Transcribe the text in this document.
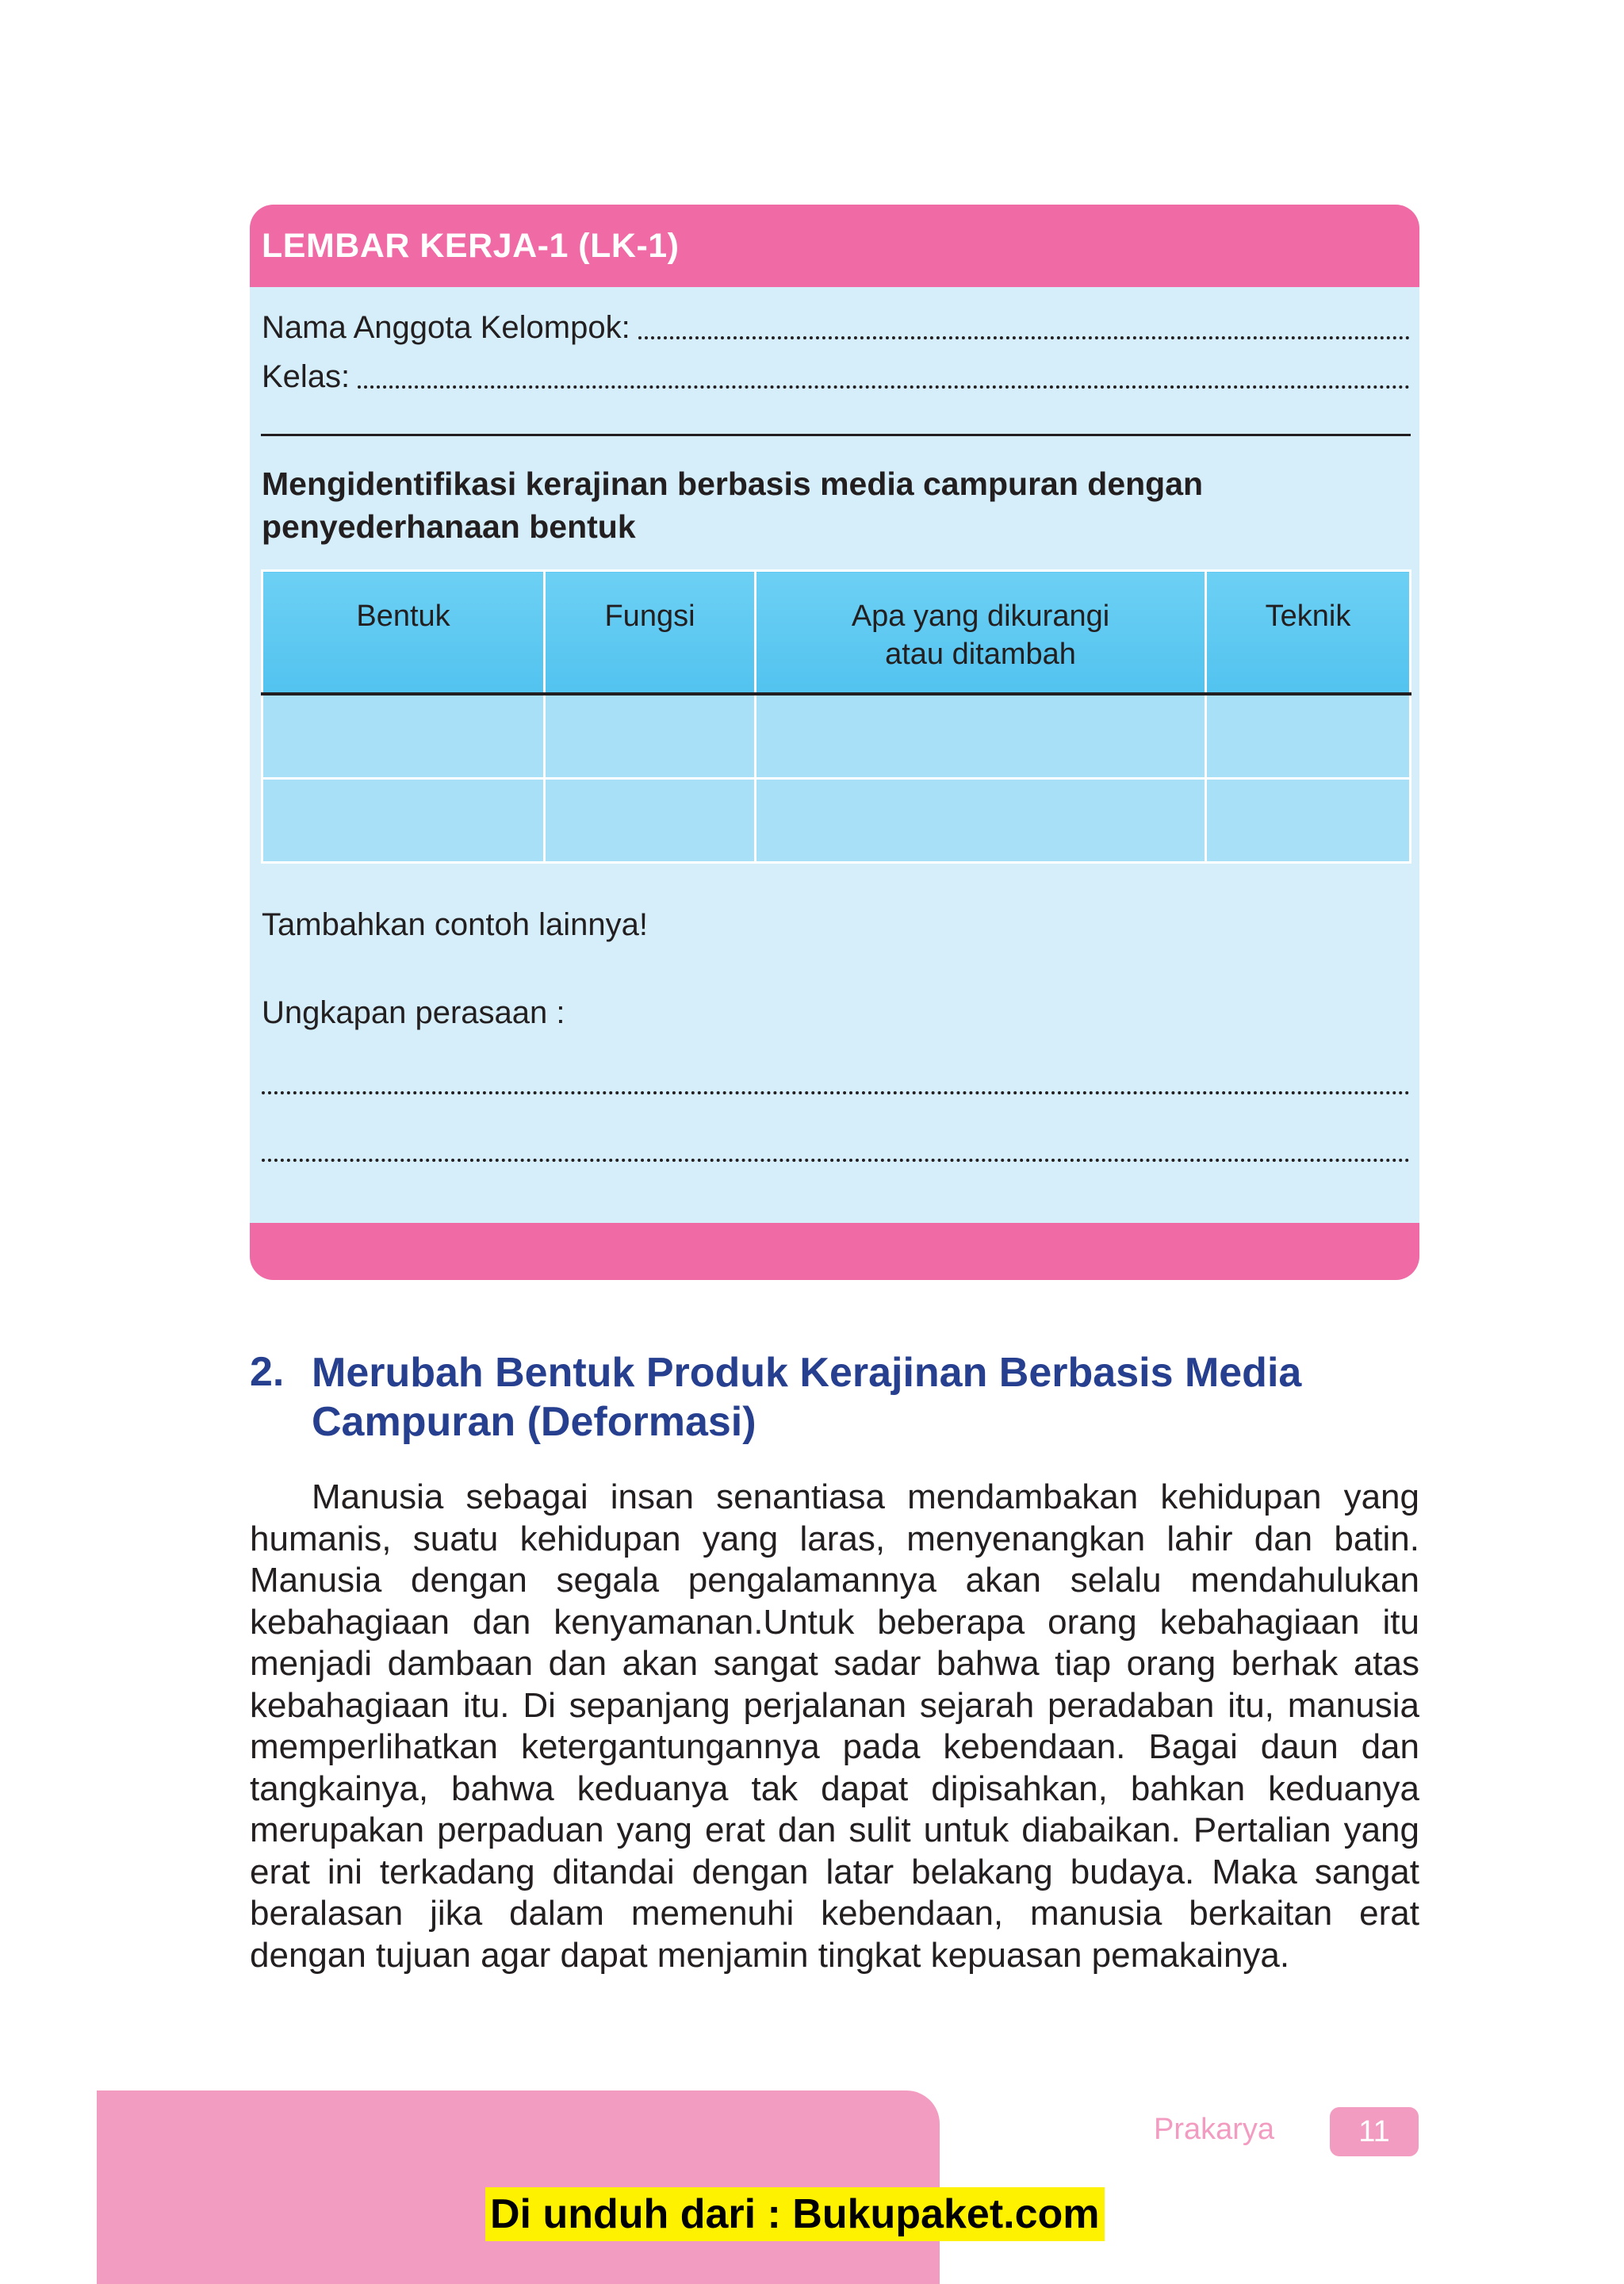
LEMBAR KERJA-1 (LK-1)
Nama Anggota Kelompok:
Kelas:
Mengidentifikasi kerajinan berbasis media campuran dengan penyederhanaan bentuk
Bentuk	Fungsi	Apa yang dikurangi atau ditambah	Teknik

Tambahkan contoh lainnya!
Ungkapan perasaan :
2. Merubah Bentuk Produk Kerajinan Berbasis Media Campuran (Deformasi)
Manusia sebagai insan senantiasa mendambakan kehidupan yang humanis, suatu kehidupan yang laras, menyenangkan lahir dan batin. Manusia dengan segala pengalamannya akan selalu mendahulukan kebahagiaan dan kenyamanan.Untuk beberapa orang kebahagiaan itu menjadi dambaan dan akan sangat sadar bahwa tiap orang berhak atas kebahagiaan itu. Di sepanjang perjalanan sejarah peradaban itu, manusia memperlihatkan ketergantungannya pada kebendaan. Bagai daun dan tangkainya, bahwa keduanya tak dapat dipisahkan, bahkan keduanya merupakan perpaduan yang erat dan sulit untuk diabaikan. Pertalian yang erat ini terkadang ditandai dengan latar belakang budaya. Maka sangat beralasan jika dalam memenuhi kebendaan, manusia berkaitan erat dengan tujuan agar dapat menjamin tingkat kepuasan pemakainya.
Prakarya	11
Di unduh dari : Bukupaket.com
